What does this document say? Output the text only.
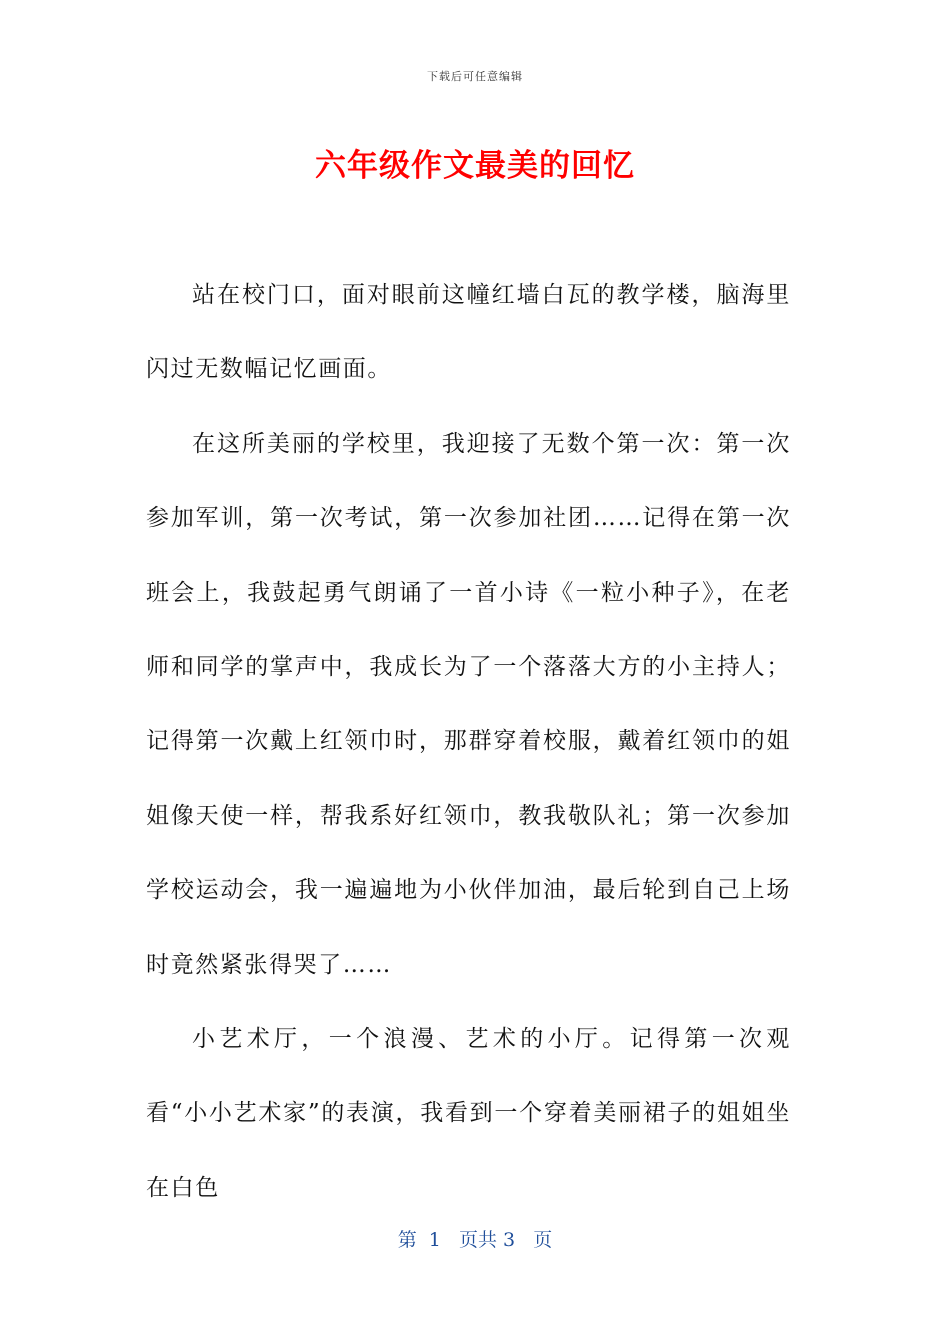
下载后可任意编辑
六年级作文最美的回忆

站在校门口，面对眼前这幢红墙白瓦的教学楼，脑海里闪过无数幅记忆画面。

在这所美丽的学校里，我迎接了无数个第一次：第一次参加军训，第一次考试，第一次参加社团……记得在第一次班会上，我鼓起勇气朗诵了一首小诗《一粒小种子》，在老师和同学的掌声中，我成长为了一个落落大方的小主持人；记得第一次戴上红领巾时，那群穿着校服，戴着红领巾的姐姐像天使一样，帮我系好红领巾，教我敬队礼；第一次参加学校运动会，我一遍遍地为小伙伴加油，最后轮到自己上场时竟然紧张得哭了……

小艺术厅，一个浪漫、艺术的小厅。记得第一次观看“小小艺术家”的表演，我看到一个穿着美丽裙子的姐姐坐在白色

第  1   页共 3   页
